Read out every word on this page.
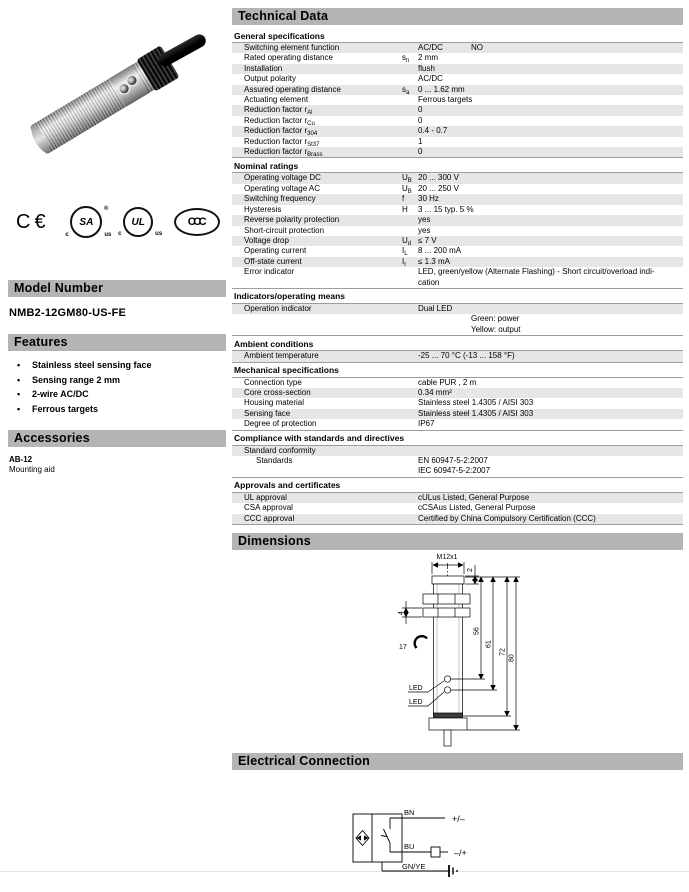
C€	SA
c	us
®
UL
c	us
CCC
Model Number
NMB2-12GM80-US-FE
Features
• Stainless steel sensing face
• Sensing range 2 mm
• 2-wire AC/DC
• Ferrous targets
Accessories
AB-12
Mounting aid
Technical Data
General specifications
Switching element function	AC/DC	NO
Rated operating distance	$s_n$	2 mm
Installation	flush
Output polarity	AC/DC
Assured operating distance	$s_a$	0 ... 1.62 mm
Actuating element	Ferrous targets
Reduction factor $r_{Al}$	0
Reduction factor $r_{Cu}$	0
Reduction factor $r_{304}$	0.4 - 0.7
Reduction factor $r_{St37}$	1
Reduction factor $r_{Brass}$	0
Nominal ratings
Operating voltage DC	$U_B$ 20 ... 300 V
Operating voltage AC	$U_B$ 20 ... 250 V
Switching frequency	f	30 Hz
Hysteresis	H	3 ... 15 typ. 5 %
Reverse polarity protection	yes
Short-circuit protection	yes
Voltage drop	$U_d \le 7$ V
Operating current	$I_L$	8 ... 200 mA
Off-state current	$I_r$	≤ 1.3 mA
Error indicator	LED, green/yellow (Alternate Flashing) - Short circuit/overload indi-
cation
Indicators/operating means
Operation indicator	Dual LED
Green: power
Yellow: output
Ambient conditions
Ambient temperature	-25 ... 70 °C (-13 ... 158 °F)
Mechanical specifications
Connection type	cable PUR , 2 m
Core cross-section	0.34 mm²
Housing material	Stainless steel 1.4305 / AISI 303
Sensing face	Stainless steel 1.4305 / AISI 303
Degree of protection	IP67
Compliance with standards and directives
Standard conformity
Standards	EN 60947-5-2:2007
IEC 60947-5-2:2007
Approvals and certificates
UL approval	cULus Listed, General Purpose
CSA approval	cCSAus Listed, General Purpose
CCC approval	Certified by China Compulsory Certification (CCC)
Dimensions
M12x1
2
56
61
72
80
4
17
LED
LED
Electrical Connection
BN
+/–
BU
–/+
GN/YE
